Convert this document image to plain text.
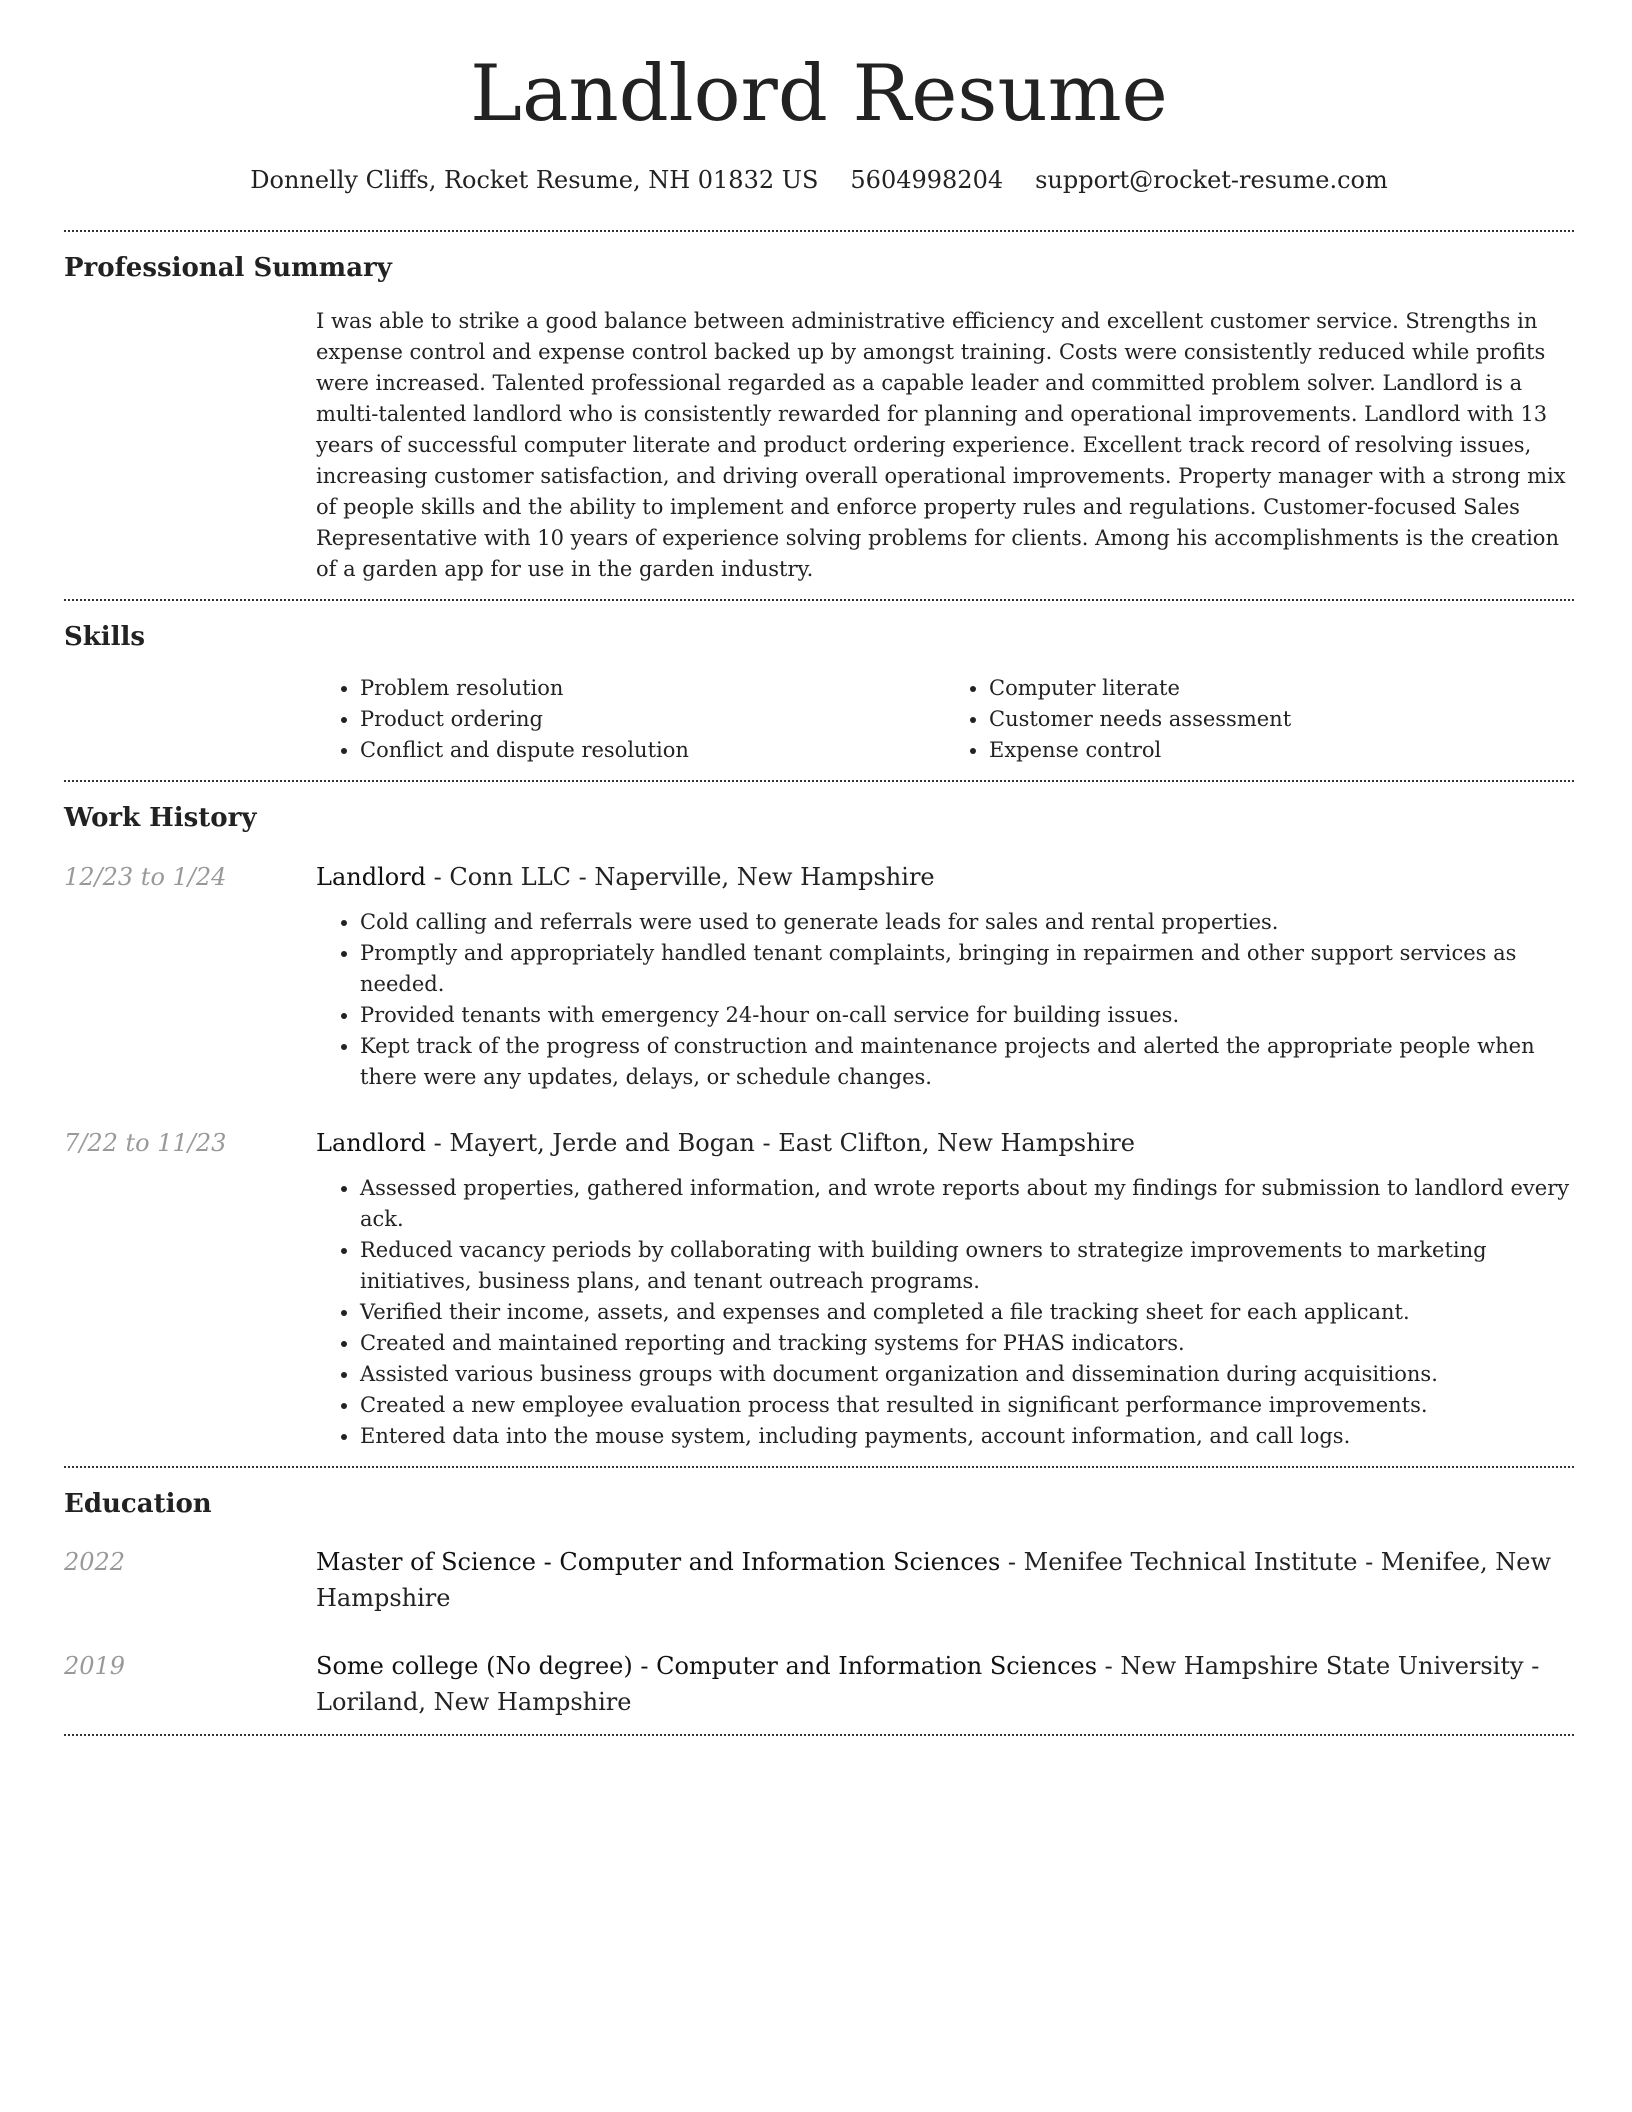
Landlord Resume
Donnelly Cliffs, Rocket Resume, NH 01832 US 5604998204 support@rocket-resume.com
Professional Summary

I was able to strike a good balance between administrative efficiency and excellent customer service. Strengths in expense control and expense control backed up by amongst training. Costs were consistently reduced while profits were increased. Talented professional regarded as a capable leader and committed problem solver. Landlord is a multi-talented landlord who is consistently rewarded for planning and operational improvements. Landlord with 13 years of successful computer literate and product ordering experience. Excellent track record of resolving issues, increasing customer satisfaction, and driving overall operational improvements. Property manager with a strong mix of people skills and the ability to implement and enforce property rules and regulations. Customer-focused Sales Representative with 10 years of experience solving problems for clients. Among his accomplishments is the creation of a garden app for use in the garden industry.

Skills
• Problem resolution
• Product ordering
• Conflict and dispute resolution
• Computer literate
• Customer needs assessment
• Expense control
Work History
12/23 to 1/24	Landlord - Conn LLC - Naperville, New Hampshire
• Cold calling and referrals were used to generate leads for sales and rental properties.
• Promptly and appropriately handled tenant complaints, bringing in repairmen and other support services as needed.
• Provided tenants with emergency 24-hour on-call service for building issues.
• Kept track of the progress of construction and maintenance projects and alerted the appropriate people when there were any updates, delays, or schedule changes.
7/22 to 11/23	Landlord - Mayert, Jerde and Bogan - East Clifton, New Hampshire
• Assessed properties, gathered information, and wrote reports about my findings for submission to landlord every ack.
• Reduced vacancy periods by collaborating with building owners to strategize improvements to marketing initiatives, business plans, and tenant outreach programs.
• Verified their income, assets, and expenses and completed a file tracking sheet for each applicant.
• Created and maintained reporting and tracking systems for PHAS indicators.
• Assisted various business groups with document organization and dissemination during acquisitions.
• Created a new employee evaluation process that resulted in significant performance improvements.
• Entered data into the mouse system, including payments, account information, and call logs.
Education
2022	Master of Science - Computer and Information Sciences - Menifee Technical Institute - Menifee, New Hampshire
2019	Some college (No degree) - Computer and Information Sciences - New Hampshire State University - Loriland, New Hampshire
